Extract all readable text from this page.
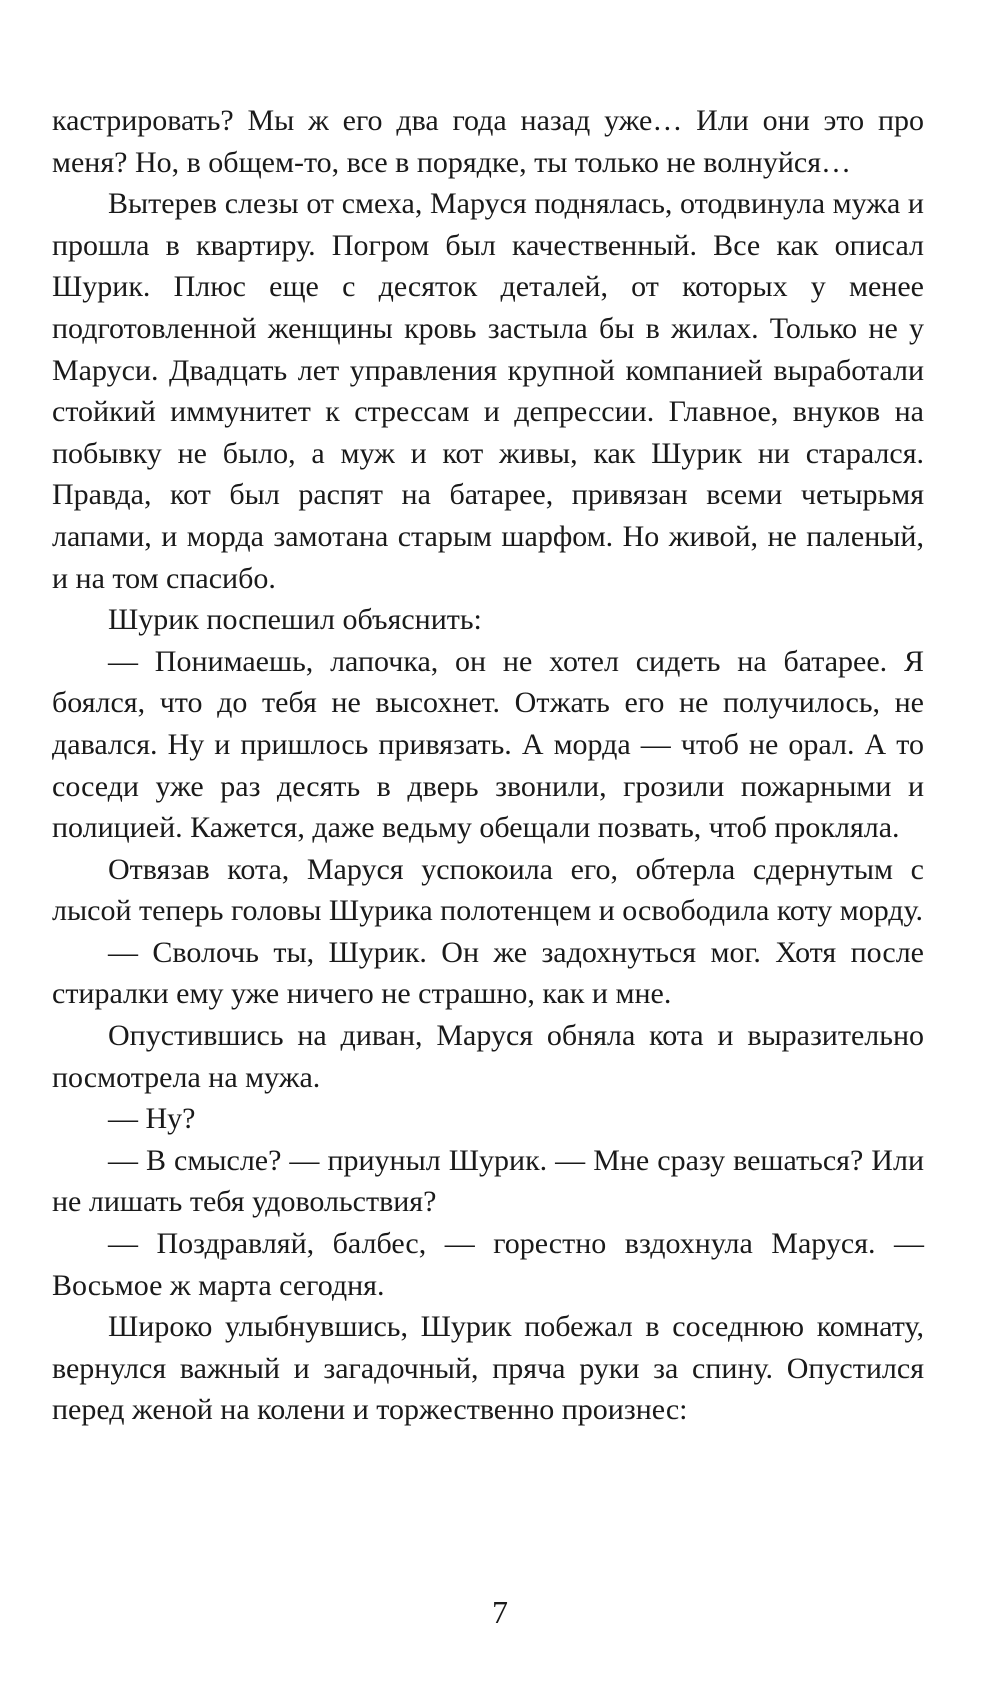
кастрировать? Мы ж его два года назад уже… Или они это про меня? Но, в общем-то, все в порядке, ты только не волнуйся…

Вытерев слезы от смеха, Маруся поднялась, отодвинула мужа и прошла в квартиру. Погром был качественный. Все как описал Шурик. Плюс еще с десяток деталей, от которых у менее подготовленной женщины кровь застыла бы в жилах. Только не у Маруси. Двадцать лет управления крупной компанией выработали стойкий иммунитет к стрессам и депрессии. Главное, внуков на побывку не было, а муж и кот живы, как Шурик ни старался. Правда, кот был распят на батарее, привязан всеми четырьмя лапами, и морда замотана старым шарфом. Но живой, не паленый, и на том спасибо.

Шурик поспешил объяснить:

— Понимаешь, лапочка, он не хотел сидеть на батарее. Я боялся, что до тебя не высохнет. Отжать его не получилось, не давался. Ну и пришлось привязать. А морда — чтоб не орал. А то соседи уже раз десять в дверь звонили, грозили пожарными и полицией. Кажется, даже ведьму обещали позвать, чтоб прокляла.

Отвязав кота, Маруся успокоила его, обтерла сдернутым с лысой теперь головы Шурика полотенцем и освободила коту морду.

— Сволочь ты, Шурик. Он же задохнуться мог. Хотя после стиралки ему уже ничего не страшно, как и мне.

Опустившись на диван, Маруся обняла кота и выразительно посмотрела на мужа.

— Ну?

— В смысле? — приуныл Шурик. — Мне сразу вешаться? Или не лишать тебя удовольствия?

— Поздравляй, балбес, — горестно вздохнула Маруся. — Восьмое ж марта сегодня.

Широко улыбнувшись, Шурик побежал в соседнюю комнату, вернулся важный и загадочный, пряча руки за спину. Опустился перед женой на колени и торжественно произнес:

7
